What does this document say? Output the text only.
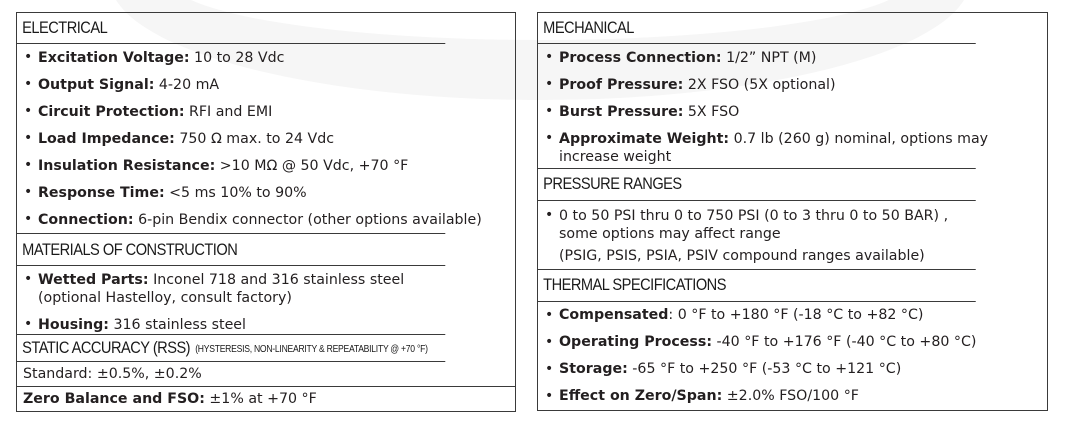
ELECTRICAL
• Excitation Voltage: 10 to 28 Vdc
• Output Signal: 4-20 mA
• Circuit Protection: RFI and EMI
• Load Impedance: 750 Ω max. to 24 Vdc
• Insulation Resistance: >10 MΩ @ 50 Vdc, +70 °F
• Response Time: <5 ms 10% to 90%
• Connection: 6-pin Bendix connector (other options available)
MATERIALS OF CONSTRUCTION
• Wetted Parts: Inconel 718 and 316 stainless steel
(optional Hastelloy, consult factory)
• Housing: 316 stainless steel
STATIC ACCURACY (RSS) (HYSTERESIS, NON-LINEARITY & REPEATABILITY @ +70 °F)
Standard: ±0.5%, ±0.2%
Zero Balance and FSO: ±1% at +70 °F
MECHANICAL
• Process Connection: 1/2” NPT (M)
• Proof Pressure: 2X FSO (5X optional)
• Burst Pressure: 5X FSO
• Approximate Weight: 0.7 lb (260 g) nominal, options may
increase weight
PRESSURE RANGES
• 0 to 50 PSI thru 0 to 750 PSI (0 to 3 thru 0 to 50 BAR) ,
some options may affect range
(PSIG, PSIS, PSIA, PSIV compound ranges available)
THERMAL SPECIFICATIONS
• Compensated: 0 °F to +180 °F (-18 °C to +82 °C)
• Operating Process: -40 °F to +176 °F (-40 °C to +80 °C)
• Storage: -65 °F to +250 °F (-53 °C to +121 °C)
• Effect on Zero/Span: ±2.0% FSO/100 °F
